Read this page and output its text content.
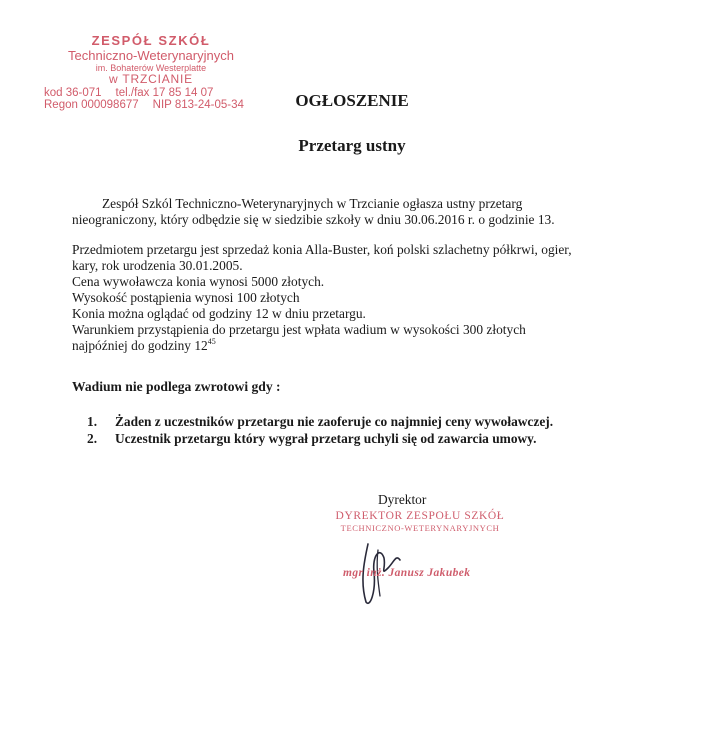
ZESPÓŁ SZKÓŁ
Techniczno-Weterynaryjnych
im. Bohaterów Westerplatte
w TRZCIANIE
kod 36-071 tel./fax 17 85 14 07
Regon 000098677 NIP 813-24-05-34	OGŁOSZENIE
Przetarg ustny
Zespół Szkól Techniczno-Weterynaryjnych w Trzcianie ogłasza ustny przetarg
nieograniczony, który odbędzie się w siedzibie szkoły w dniu 30.06.2016 r. o godzinie 13.
Przedmiotem przetargu jest sprzedaż konia Alla-Buster, koń polski szlachetny półkrwi, ogier,
kary, rok urodzenia 30.01.2005.
Cena wywoławcza konia wynosi 5000 złotych.
Wysokość postąpienia wynosi 100 złotych
Konia można oglądać od godziny 12 w dniu przetargu.
Warunkiem przystąpienia do przetargu jest wpłata wadium w wysokości 300 złotych
najpóźniej do godziny $12^{45}$
Wadium nie podlega zwrotowi gdy :
1. Żaden z uczestników przetargu nie zaoferuje co najmniej ceny wywoławczej.
2. Uczestnik przetargu który wygrał przetarg uchyli się od zawarcia umowy.
Dyrektor
DYREKTOR ZESPOŁU SZKÓŁ
TECHNICZNO-WETERYNARYJNYCH
mgr inż. Janusz Jakubek
